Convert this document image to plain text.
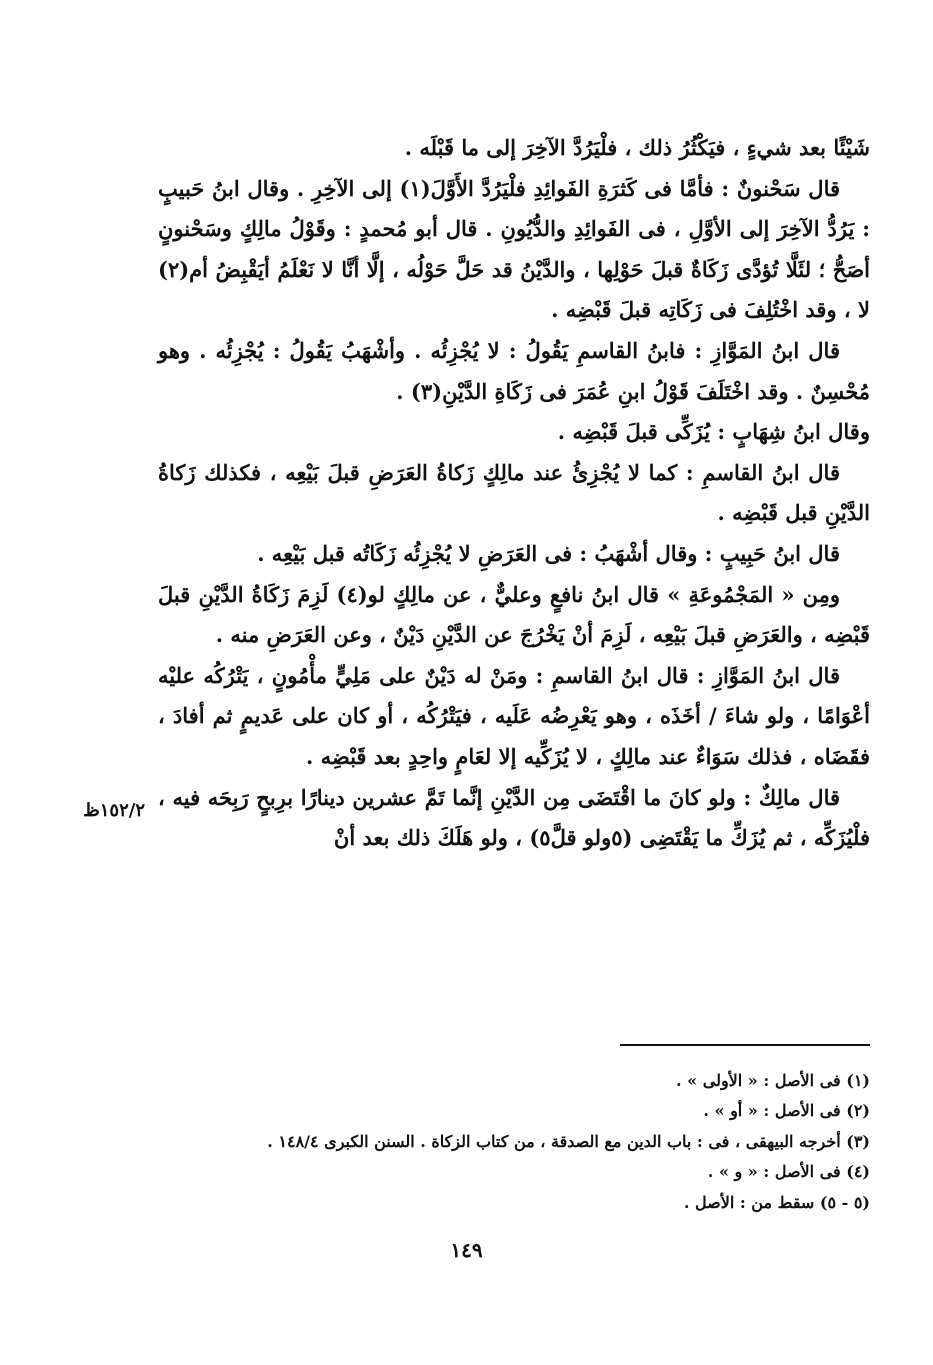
شَيْئًا بعد شيءٍ ، فيَكْثُرُ ذلك ، فلْيَرُدَّ الآخِرَ إلى ما قَبْلَه .

قال سَحْنونٌ : فأمَّا فى كَثرَةِ الفَوائِدِ فلْيَرُدَّ الأَوَّلَ(١) إلى الآخِرِ . وقال ابنُ حَبيبٍ : يَرُدُّ الآخِرَ إلى الأوَّلِ ، فى الفَوائِدِ والدُّيُونِ . قال أبو مُحمدٍ : وقَوْلُ مالِكٍ وسَحْنونٍ أصَحُّ ؛ لئَلَّا تُؤدَّى زَكَاةٌ قبلَ حَوْلِها ، والدَّيْنُ قد حَلَّ حَوْلُه ، إلَّا أنَّا لا نَعْلَمُ أيَقْبِضُ أم(٢) لا ، وقد اخْتُلِفَ فى زَكَاتِه قبلَ قَبْضِه .

قال ابنُ المَوَّازِ : فابنُ القاسمِ يَقُولُ : لا يُجْزِئُه . وأشْهَبُ يَقُولُ : يُجْزِئُه . وهو مُحْسِنٌ . وقد اخْتَلَفَ قَوْلُ ابنِ عُمَرَ فى زَكَاةِ الدَّيْنِ(٣) .

وقال ابنُ شِهَابٍ : يُزَكِّى قبلَ قَبْضِه .

قال ابنُ القاسمِ : كما لا يُجْزِئُ عند مالِكٍ زَكاةُ العَرَضِ قبلَ بَيْعِه ، فكذلك زَكاةُ الدَّيْنِ قبل قَبْضِه .

قال ابنُ حَبِيبٍ : وقال أشْهَبُ : فى العَرَضِ لا يُجْزِئُه زَكَاتُه قبل بَيْعِه .

ومِن « المَجْمُوعَةِ » قال ابنُ نافعٍ وعليٌّ ، عن مالِكٍ لو(٤) لَزِمَ زَكَاةُ الدَّيْنِ قبلَ قَبْضِه ، والعَرَضِ قبلَ بَيْعِه ، لَزِمَ أنْ يَخْرُجَ عن الدَّيْنِ دَيْنٌ ، وعن العَرَضِ منه .

قال ابنُ المَوَّازِ : قال ابنُ القاسمِ : ومَنْ له دَيْنٌ على مَلِيٍّ مأْمُونٍ ، يَتْرُكُه عليْه أعْوَامًا ، ولو شاءَ / أخَذَه ، وهو يَعْرِضُه عَلَيه ، فيَتْرُكُه ، أو كان على عَديمٍ ثم أفادَ ، فقَضَاه ، فذلك سَوَاءٌ عند مالِكٍ ، لا يُزَكِّيه إلا لعَامٍ واحِدٍ بعد قَبْضِه .

قال مالِكٌ : ولو كانَ ما اقْتَضَى مِن الدَّيْنِ إنَّما تَمَّ عشرين دينارًا برِبحٍ رَبِحَه فيه ، فلْيُزَكِّه ، ثم يُزَكِّ ما يَقْتَضِى (٥ولو قلَّ٥) ، ولو هَلَكَ ذلك بعد أنْ

١٥٢/٢ظ

(١) فى الأصل : « الأولى » .

(٢) فى الأصل : « أو » .

(٣) أخرجه البيهقى ، فى : باب الدين مع الصدقة ، من كتاب الزكاة . السنن الكبرى ١٤٨/٤ .

(٤) فى الأصل : « و » .

(٥ - ٥) سقط من : الأصل .

١٤٩
